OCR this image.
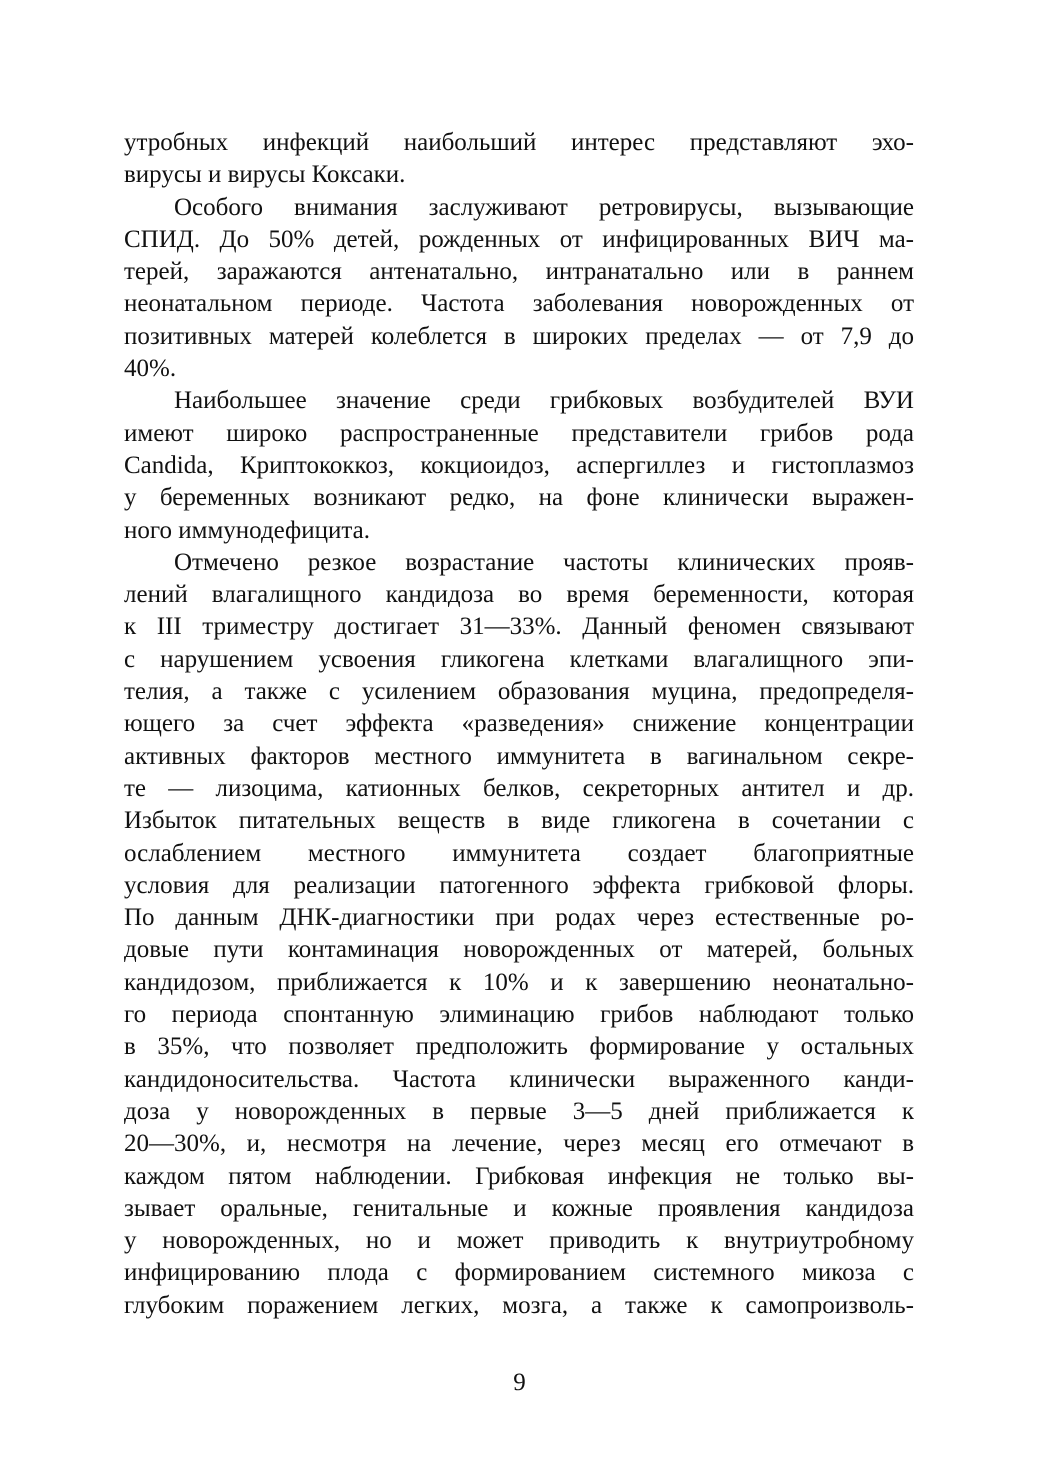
утробных инфекций наибольший интерес представляют эхо-
вирусы и вирусы Коксаки.

Особого внимания заслуживают ретровирусы, вызывающие
СПИД. До 50% детей, рожденных от инфицированных ВИЧ ма-
терей, заражаются антенатально, интранатально или в раннем
неонатальном периоде. Частота заболевания новорожденных от
позитивных матерей колеблется в широких пределах — от 7,9 до
40%.

Наибольшее значение среди грибковых возбудителей ВУИ
имеют широко распространенные представители грибов рода
Candida, Криптококкоз, кокциоидоз, аспергиллез и гистоплазмоз
у беременных возникают редко, на фоне клинически выражен-
ного иммунодефицита.

Отмечено резкое возрастание частоты клинических прояв-
лений влагалищного кандидоза во время беременности, которая
к III триместру достигает 31—33%. Данный феномен связывают
с нарушением усвоения гликогена клетками влагалищного эпи-
телия, а также с усилением образования муцина, предопределя-
ющего за счет эффекта «разведения» снижение концентрации
активных факторов местного иммунитета в вагинальном секре-
те — лизоцима, катионных белков, секреторных антител и др.
Избыток питательных веществ в виде гликогена в сочетании с
ослаблением местного иммунитета создает благоприятные
условия для реализации патогенного эффекта грибковой флоры.
По данным ДНК-диагностики при родах через естественные ро-
довые пути контаминация новорожденных от матерей, больных
кандидозом, приближается к 10% и к завершению неонатально-
го периода спонтанную элиминацию грибов наблюдают только
в 35%, что позволяет предположить формирование у остальных
кандидоносительства. Частота клинически выраженного канди-
доза у новорожденных в первые 3—5 дней приближается к
20—30%, и, несмотря на лечение, через месяц его отмечают в
каждом пятом наблюдении. Грибковая инфекция не только вы-
зывает оральные, генитальные и кожные проявления кандидоза
у новорожденных, но и может приводить к внутриутробному
инфицированию плода с формированием системного микоза с
глубоким поражением легких, мозга, а также к самопроизволь-

9
